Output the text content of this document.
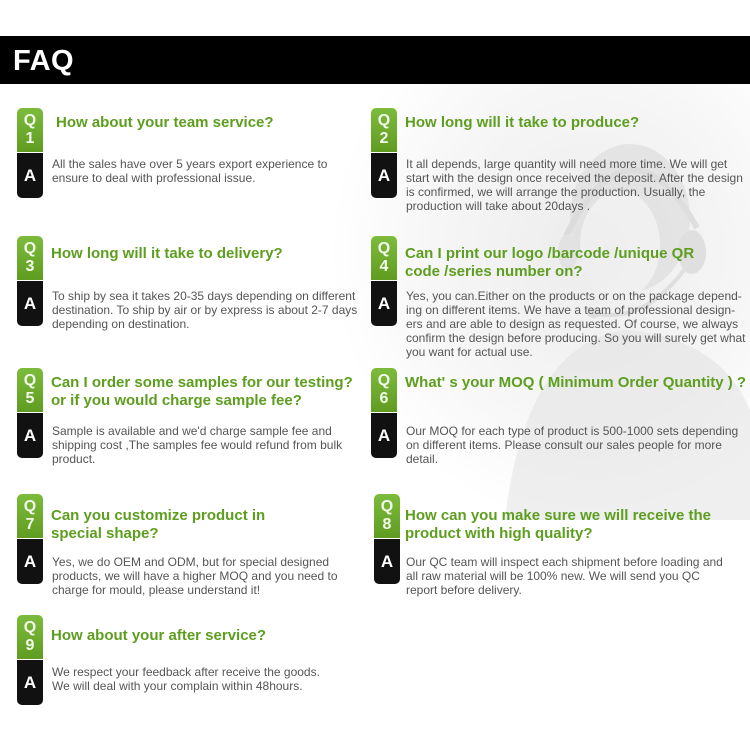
FAQ
Q
1
A
How about your team service?
All the sales have over 5 years export experience to
ensure to deal with professional issue.
Q
2
A
How long will it take to produce?
It all depends, large quantity will need more time. We will get
start with the design once received the deposit. After the design
is confirmed, we will arrange the production. Usually, the
production will take about 20days .
Q
3
A
How long will it take to delivery?
To ship by sea it takes 20-35 days depending on different
destination. To ship by air or by express is about 2-7 days
depending on destination.
Q
4
A
Can I print our logo /barcode /unique QR
code /series number on?
Yes, you can.Either on the products or on the package depend-
ing on different items. We have a team of professional design-
ers and are able to design as requested. Of course, we always
confirm the design before producing. So you will surely get what
you want for actual use.
Q
5
A
Can I order some samples for our testing?
or if you would charge sample fee?
Sample is available and we'd charge sample fee and
shipping cost ,The samples fee would refund from bulk
product.
Q
6
A
What' s your MOQ ( Minimum Order Quantity ) ?
Our MOQ for each type of product is 500-1000 sets depending
on different items. Please consult our sales people for more
detail.
Q
7
A
Can you customize product in
special shape?
Yes, we do OEM and ODM, but for special designed
products, we will have a higher MOQ and you need to
charge for mould, please understand it!
Q
8
A
How can you make sure we will receive the
product with high quality?
Our QC team will inspect each shipment before loading and
all raw material will be 100% new. We will send you QC
report before delivery.
Q
9
A
How about your after service?
We respect your feedback after receive the goods.
We will deal with your complain within 48hours.
